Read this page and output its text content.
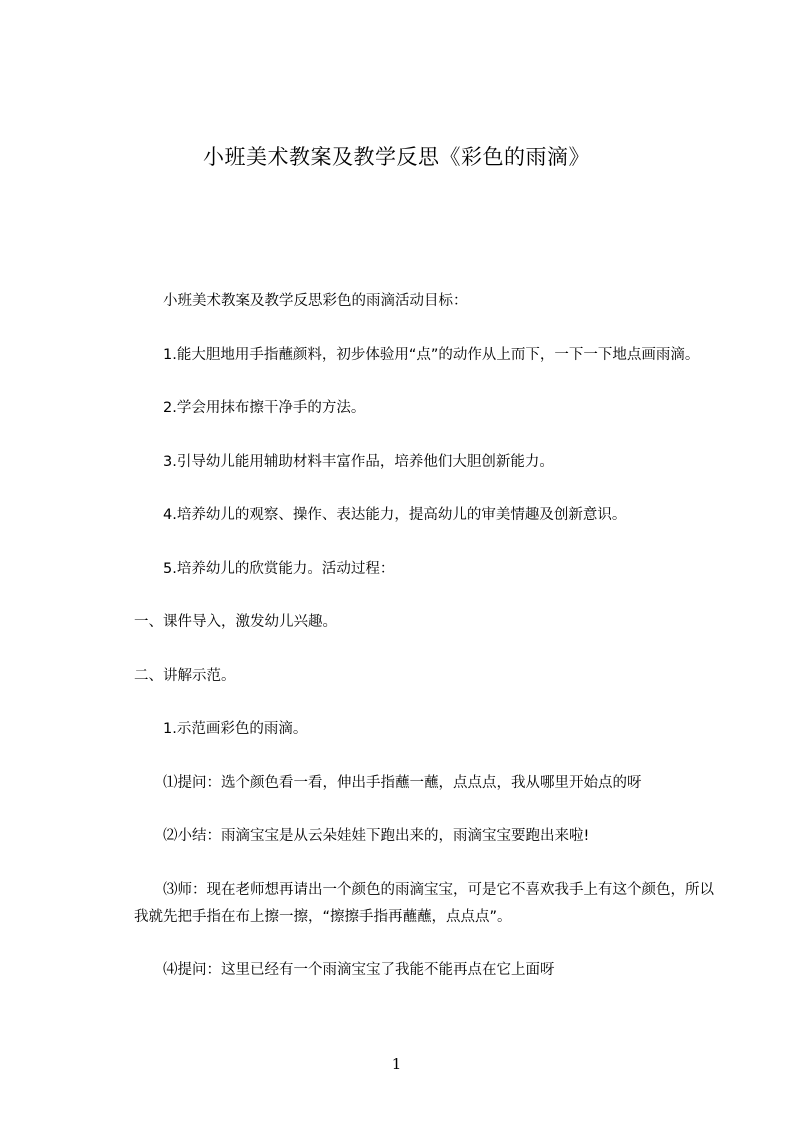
小班美术教案及教学反思《彩色的雨滴》

小班美术教案及教学反思彩色的雨滴活动目标：

1.能大胆地用手指蘸颜料，初步体验用“点”的动作从上而下，一下一下地点画雨滴。

2.学会用抹布擦干净手的方法。

3.引导幼儿能用辅助材料丰富作品，培养他们大胆创新能力。

4.培养幼儿的观察、操作、表达能力，提高幼儿的审美情趣及创新意识。

5.培养幼儿的欣赏能力。活动过程：

一、课件导入，激发幼儿兴趣。

二、讲解示范。

1.示范画彩色的雨滴。

⑴提问：选个颜色看一看，伸出手指蘸一蘸，点点点，我从哪里开始点的呀

⑵小结：雨滴宝宝是从云朵娃娃下跑出来的，雨滴宝宝要跑出来啦!

⑶师：现在老师想再请出一个颜色的雨滴宝宝，可是它不喜欢我手上有这个颜色，所以我就先把手指在布上擦一擦，“擦擦手指再蘸蘸，点点点”。

⑷提问：这里已经有一个雨滴宝宝了我能不能再点在它上面呀

1
